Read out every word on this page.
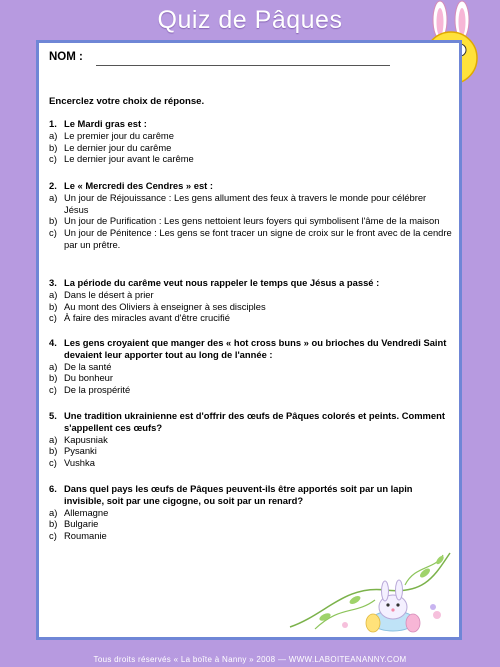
Quiz de Pâques
NOM :
Encerclez votre choix de réponse.
1. Le Mardi gras est :
a) Le premier jour du carême
b) Le dernier jour du carême
c) Le dernier jour avant le carême
2. Le « Mercredi des Cendres » est :
a) Un jour de Réjouissance : Les gens allument des feux à travers le monde pour célébrer Jésus
b) Un jour de Purification : Les gens nettoient leurs foyers qui symbolisent l'âme de la maison
c) Un jour de Pénitence : Les gens se font tracer un signe de croix sur le front avec de la cendre par un prêtre.
3. La période du carême veut nous rappeler le temps que Jésus a passé :
a) Dans le désert à prier
b) Au mont des Oliviers à enseigner à ses disciples
c) À faire des miracles avant d'être crucifié
4. Les gens croyaient que manger des « hot cross buns » ou brioches du Vendredi Saint devaient leur apporter tout au long de l'année :
a) De la santé
b) Du bonheur
c) De la prospérité
5. Une tradition ukrainienne est d'offrir des œufs de Pâques colorés et peints. Comment s'appellent ces œufs?
a) Kapusniak
b) Pysanki
c) Vushka
6. Dans quel pays les œufs de Pâques peuvent-ils être apportés soit par un lapin invisible, soit par une cigogne, ou soit par un renard?
a) Allemagne
b) Bulgarie
c) Roumanie
Tous droits réservés « La boîte à Nanny » 2008 — WWW.LABOITEANANNY.COM
